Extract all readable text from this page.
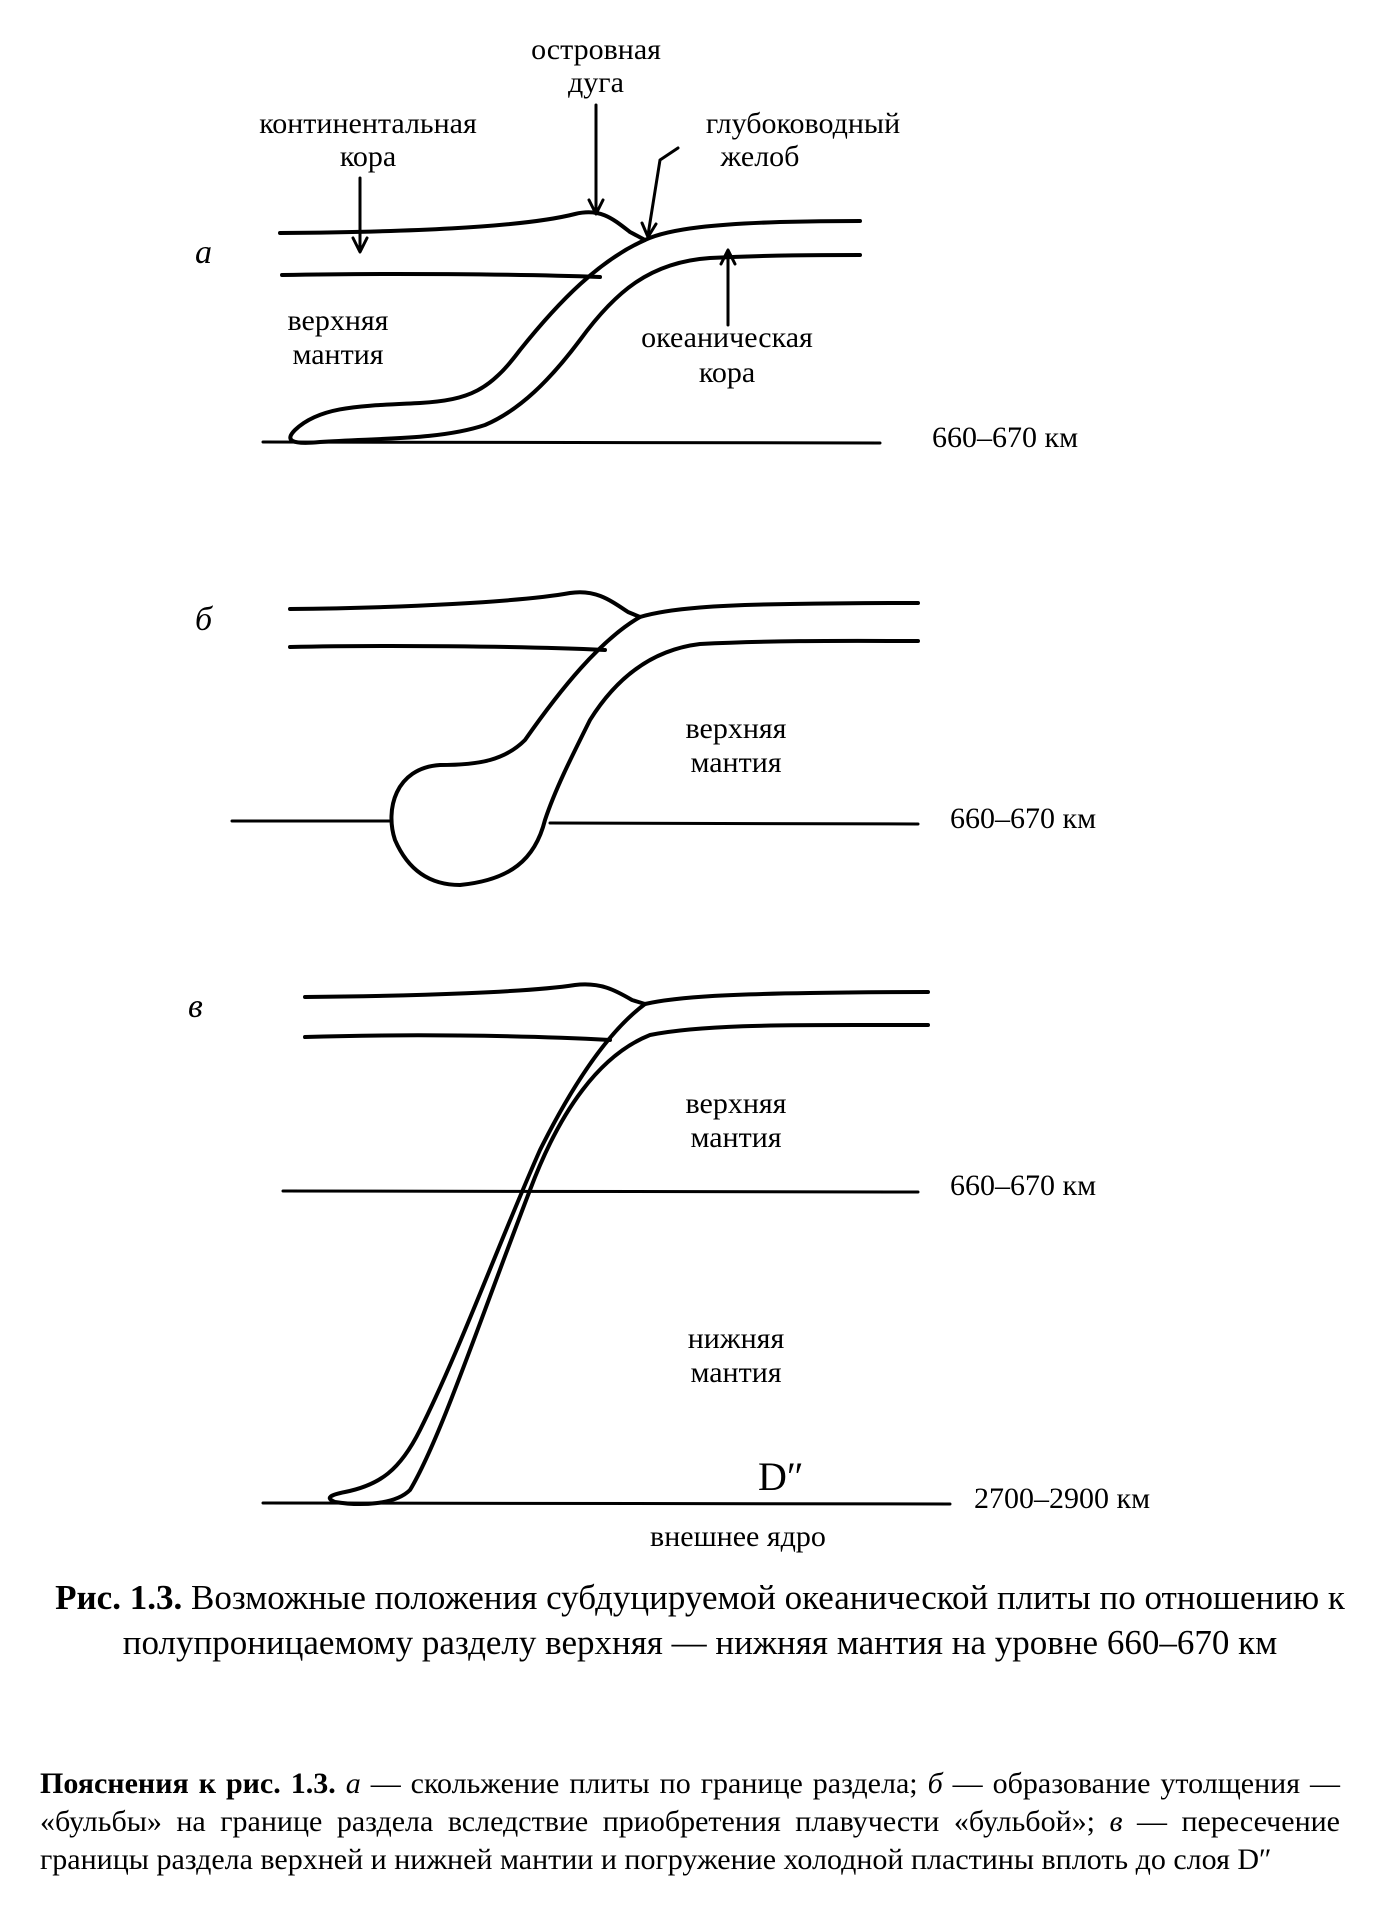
а
континентальная
кора
островная
дуга
глубоководный
желоб
верхняя
мантия
океаническая
кора
660–670 км
б
верхняя
мантия
660–670 км
в
верхняя
мантия
660–670 км
нижняя
мантия
D″	2700–2900 км
внешнее ядро
Рис. 1.3. Возможные положения субдуцируемой океанической плиты по отношению к полупроницаемому разделу верхняя — нижняя мантия на уровне 660–670 км
Пояснения к рис. 1.3. а — скольжение плиты по границе раздела; б — образование утолщения — «бульбы» на границе раздела вследствие приобретения плавучести «бульбой»; в — пересечение границы раздела верхней и нижней мантии и погружение холодной пластины вплоть до слоя D″
